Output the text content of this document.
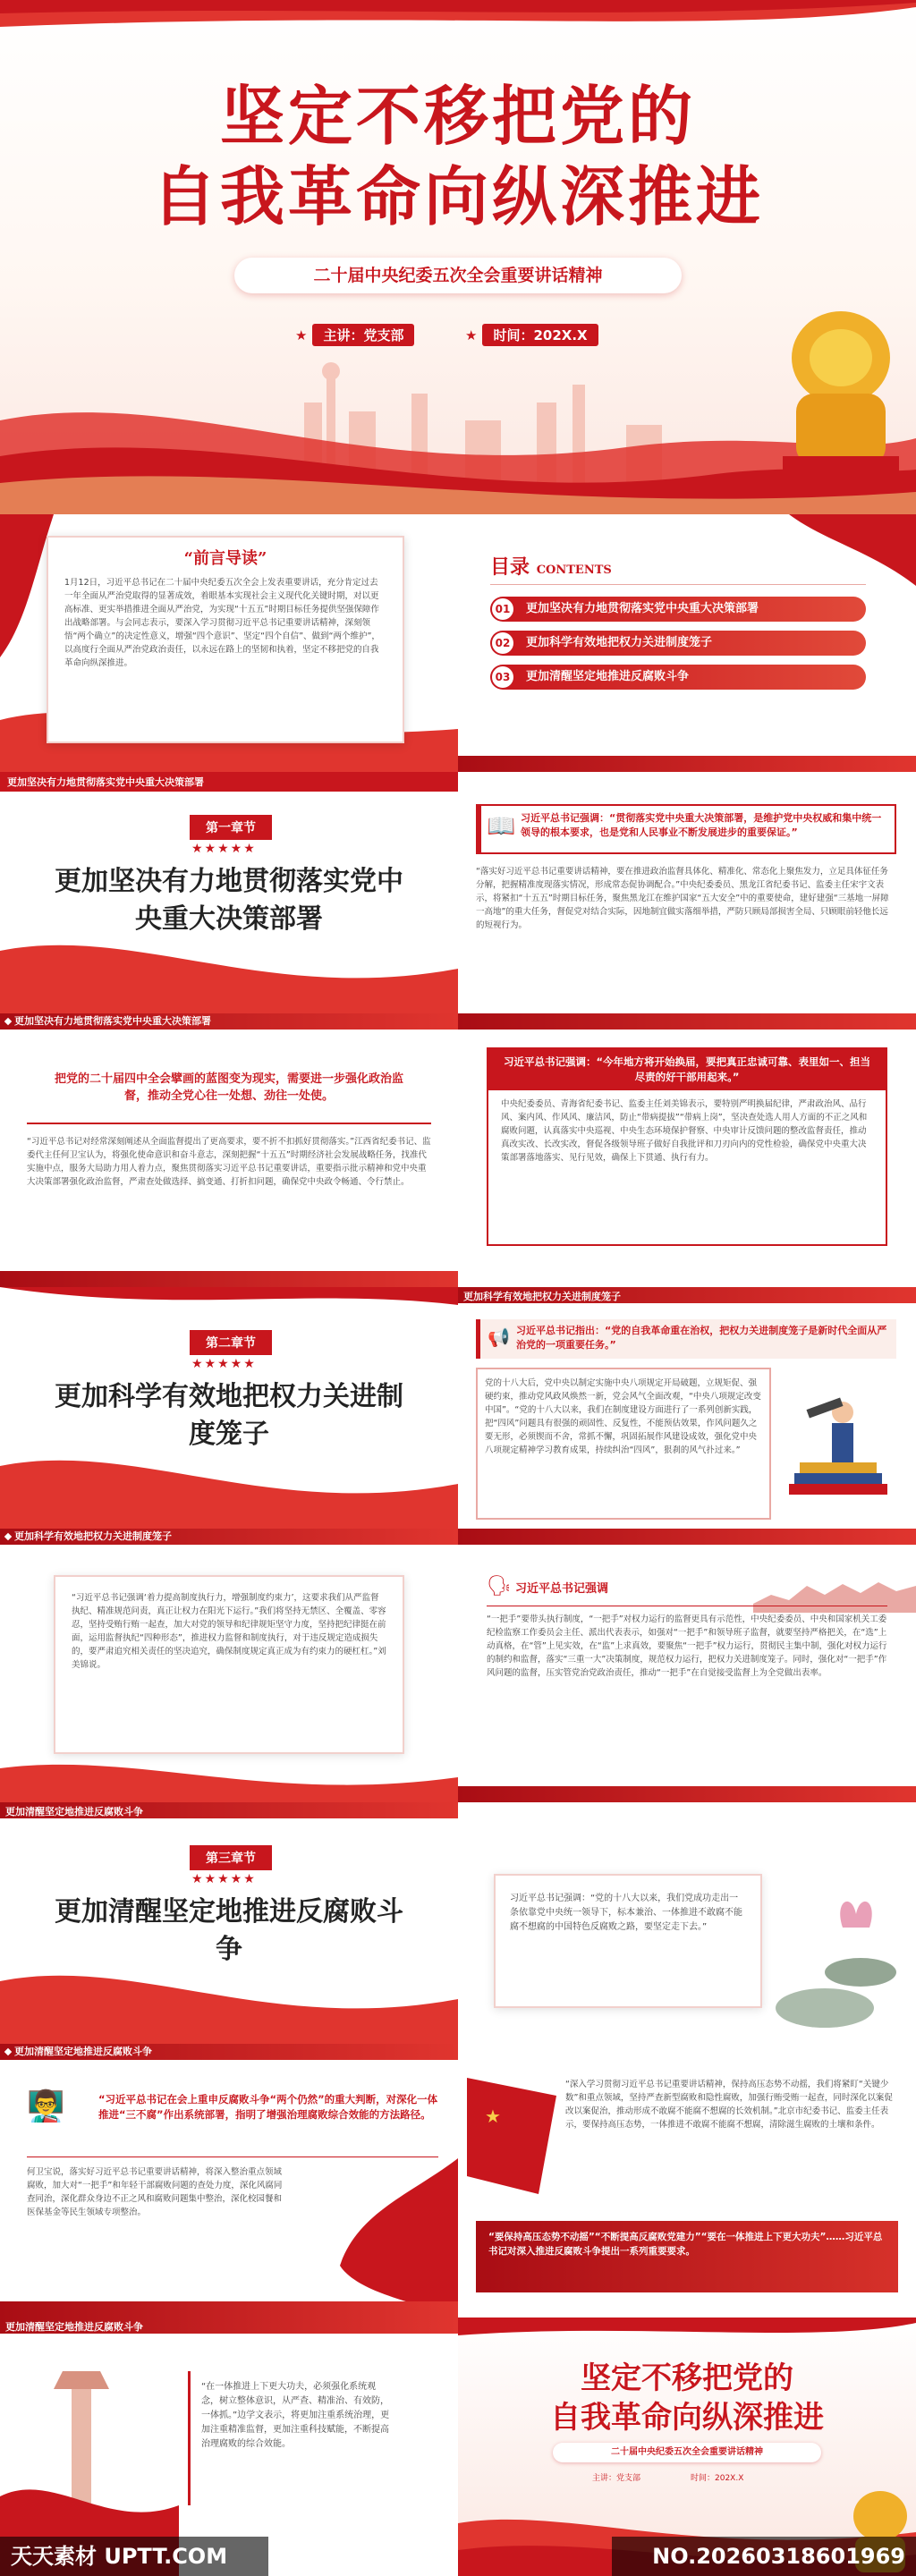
坚定不移把党的
自我革命向纵深推进
二十届中央纪委五次全会重要讲话精神
★ 主讲：党支部	★ 时间：202X.X
“前言导读”
1月12日，习近平总书记在二十届中央纪委五次全会上发表重要讲话，充分肯定过去一年全面从严治党取得的显著成效，着眼基本实现社会主义现代化关键时期，对以更高标准、更实举措推进全面从严治党，为实现“十五五”时期目标任务提供坚强保障作出战略部署。与会同志表示，要深入学习贯彻习近平总书记重要讲话精神，深刻领悟“两个确立”的决定性意义，增强“四个意识”、坚定“四个自信”、做到“两个维护”，以高度行全面从严治党政治责任，以永远在路上的坚韧和执着，坚定不移把党的自我革命向纵深推进。
目录 CONTENTS
01 更加坚决有力地贯彻落实党中央重大决策部署
02 更加科学有效地把权力关进制度笼子
03 更加清醒坚定地推进反腐败斗争
更加坚决有力地贯彻落实党中央重大决策部署
第一章节
★★★★★
更加坚决有力地贯彻落实党中央重大决策部署
更加坚决有力地贯彻落实党中央重大决策部署
📖 习近平总书记强调：“贯彻落实党中央重大决策部署，是维护党中央权威和集中统一领导的根本要求，也是党和人民事业不断发展进步的重要保证。”
“落实好习近平总书记重要讲话精神，要在推进政治监督具体化、精准化、常态化上聚焦发力，立足具体征任务分解，把握精准度现落实情况，形成常态促协调配合。”中央纪委委员、黑龙江省纪委书记、监委主任宋宇文表示，将紧扣“十五五”时期目标任务，聚焦黑龙江在维护国家“五大安全”中的重要使命，建好建强“三基地一屏障一高地”的重大任务，督促党对结合实际，因地制宜做实落细举措，严防只顾局部损害全局、只顾眼前轻他长远的短视行为。
把党的二十届四中全会擘画的蓝图变为现实，需要进一步强化政治监督，推动全党心往一处想、劲往一处使。
“习近平总书记对经常深刻阐述从全面监督提出了更高要求，要不折不扣抓好贯彻落实。”江西省纪委书记、监委代主任何卫宝认为，将强化使命意识和奋斗意志，深刻把握“十五五”时期经济社会发展战略任务，找准代实施中点，服务大局助力用人着力点，聚焦贯彻落实习近平总书记重要讲话，重要指示批示精神和党中央重大决策部署强化政治监督，严肃查处做选择、搞变通、打折扣问题，确保党中央政令畅通、令行禁止。
习近平总书记强调：“今年地方将开始换届，要把真正忠诚可靠、表里如一、担当尽责的好干部用起来。”
中央纪委委员、青海省纪委书记、监委主任刘美锦表示，要特别严明换届纪律，严肃政治风、品行风、案内风、作风风、廉洁风，防止“带病提拔”“带病上岗”，坚决查处选人用人方面的不正之风和腐败问题，认真落实中央巡视、中央生态环境保护督察、中央审计反馈问题的整改监督责任，推动真改实改、长改实改，督促各级领导班子做好自我批评和刀刃向内的党性检验，确保党中央重大决策部署落地落实、见行见效，确保上下贯通、执行有力。
第二章节
★★★★★
更加科学有效地把权力关进制度笼子
更加科学有效地把权力关进制度笼子
更加科学有效地把权力关进制度笼子
习近平总书记指出：“党的自我革命重在治权，把权力关进制度笼子是新时代全面从严治党的一项重要任务。”
📢
党的十八大后，党中央以制定实施中央八项规定开局破题，立规矩促、强硬约束，推动党风政风焕然一新，党会风气全面改观，“中央八项规定改变中国”。“党的十八大以来，我们在制度建设方面进行了一系列创新实践，把“四风”问题具有很强的顽固性、反复性，不能预估效果，作风问题久之要无形，必须锲而不舍，常抓不懈，巩固拓展作风建设成效，强化党中央八项规定精神学习教育成果，持续纠治“四风”，狠刹的风气扑过来。”
“习近平总书记强调‘着力提高制度执行力，增强制度约束力’，这要求我们从严监督执纪、精准规范问责，真正让权力在阳光下运行。”我们将坚持无禁区、全覆盖、零容忍，坚持受贿行贿一起查，加大对党的领导和纪律规矩坚守力度，坚持把纪律挺在前面，运用监督执纪“四种形态”，推进权力监督和制度执行，对于违反规定造成损失的，要严肃追究相关责任的坚决追究，确保制度规定真正成为有约束力的硬杠杠。”刘美锦说。
🗣 习近平总书记强调
“一把手”要带头执行制度，“一把手”对权力运行的监督更具有示范性，中央纪委委员、中央和国家机关工委纪检监察工作委员会主任、派出代表表示，如强对“一把手”和领导班子监督，就要坚持严格把关，在“选”上动真格，在“管”上见实效，在“监”上求真效，要聚焦“一把手”权力运行，贯彻民主集中制，强化对权力运行的制约和监督，落实“三重一大”决策制度，规范权力运行，把权力关进制度笼子。同时，强化对“一把手”作风问题的监督，压实管党治党政治责任，推动“一把手”在自觉接受监督上为全党做出表率。
更加清醒坚定地推进反腐败斗争
第三章节
★★★★★
更加清醒坚定地推进反腐败斗争
更加清醒坚定地推进反腐败斗争
习近平总书记强调：“党的十八大以来，我们党成功走出一条依靠党中央统一领导下，标本兼治、一体推进不敢腐不能腐不想腐的中国特色反腐败之路，要坚定走下去。”
👨‍🏫	“习近平总书记在会上重申反腐败斗争“两个仍然”的重大判断，对深化一体推进“三不腐”作出系统部署，指明了增强治理腐败综合效能的方法路径。
何卫宝说，落实好习近平总书记重要讲话精神，将深入整治重点领域腐败，加大对“一把手”和年轻干部腐败问题的查处力度，深化风腐同查同治，深化群众身边不正之风和腐败问题集中整治，深化校园餐和医保基金等民生领域专项整治。
★
“深入学习贯彻习近平总书记重要讲话精神，保持高压态势不动摇，我们将紧盯“关键少数”和重点领域，坚持严查新型腐败和隐性腐败，加强行贿受贿一起查，同时深化以案促改以案促治，推动形成不敢腐不能腐不想腐的长效机制。”北京市纪委书记、监委主任表示，要保持高压态势，一体推进不敢腐不能腐不想腐，清除滋生腐败的土壤和条件。
“要保持高压态势不动摇”“不断提高反腐败党建力”“要在一体推进上下更大功夫”……习近平总书记对深入推进反腐败斗争提出一系列重要要求。
更加清醒坚定地推进反腐败斗争
“在一体推进上下更大功夫，必须强化系统观念，树立整体意识，从严查、精准治、有效防，一体抓。”边学文表示，将更加注重系统治理，更加注重精准监督，更加注重科技赋能，不断提高治理腐败的综合效能。
坚定不移把党的
自我革命向纵深推进
二十届中央纪委五次全会重要讲话精神
主讲：党支部	时间：202X.X
天天素材 UPTT.COM	NO.20260318601969
